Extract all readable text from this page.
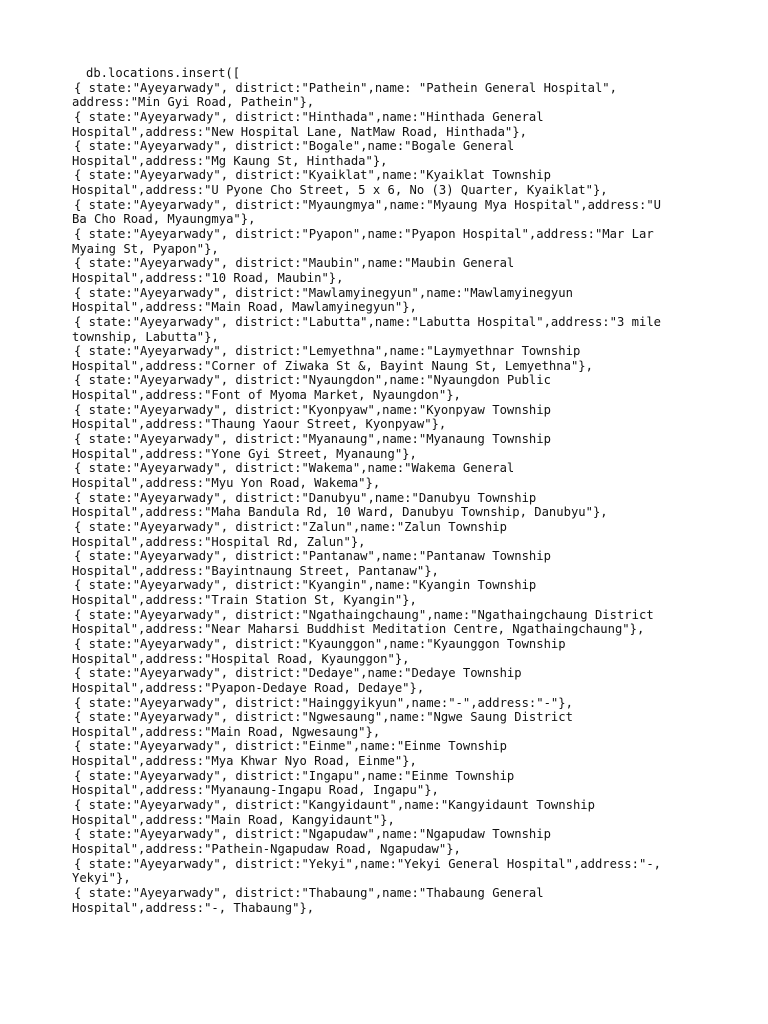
db.locations.insert([
{ state:"Ayeyarwady", district:"Pathein",name: "Pathein General Hospital",
address:"Min Gyi Road, Pathein"},
{ state:"Ayeyarwady", district:"Hinthada",name:"Hinthada General
Hospital",address:"New Hospital Lane, NatMaw Road, Hinthada"},
{ state:"Ayeyarwady", district:"Bogale",name:"Bogale General
Hospital",address:"Mg Kaung St, Hinthada"},
{ state:"Ayeyarwady", district:"Kyaiklat",name:"Kyaiklat Township
Hospital",address:"U Pyone Cho Street, 5 x 6, No (3) Quarter, Kyaiklat"},
{ state:"Ayeyarwady", district:"Myaungmya",name:"Myaung Mya Hospital",address:"U
Ba Cho Road, Myaungmya"},
{ state:"Ayeyarwady", district:"Pyapon",name:"Pyapon Hospital",address:"Mar Lar
Myaing St, Pyapon"},
{ state:"Ayeyarwady", district:"Maubin",name:"Maubin General
Hospital",address:"10 Road, Maubin"},
{ state:"Ayeyarwady", district:"Mawlamyinegyun",name:"Mawlamyinegyun
Hospital",address:"Main Road, Mawlamyinegyun"},
{ state:"Ayeyarwady", district:"Labutta",name:"Labutta Hospital",address:"3 mile
township, Labutta"},
{ state:"Ayeyarwady", district:"Lemyethna",name:"Laymyethnar Township
Hospital",address:"Corner of Ziwaka St &, Bayint Naung St, Lemyethna"},
{ state:"Ayeyarwady", district:"Nyaungdon",name:"Nyaungdon Public
Hospital",address:"Font of Myoma Market, Nyaungdon"},
{ state:"Ayeyarwady", district:"Kyonpyaw",name:"Kyonpyaw Township
Hospital",address:"Thaung Yaour Street, Kyonpyaw"},
{ state:"Ayeyarwady", district:"Myanaung",name:"Myanaung Township
Hospital",address:"Yone Gyi Street, Myanaung"},
{ state:"Ayeyarwady", district:"Wakema",name:"Wakema General
Hospital",address:"Myu Yon Road, Wakema"},
{ state:"Ayeyarwady", district:"Danubyu",name:"Danubyu Township
Hospital",address:"Maha Bandula Rd, 10 Ward, Danubyu Township, Danubyu"},
{ state:"Ayeyarwady", district:"Zalun",name:"Zalun Township
Hospital",address:"Hospital Rd, Zalun"},
{ state:"Ayeyarwady", district:"Pantanaw",name:"Pantanaw Township
Hospital",address:"Bayintnaung Street, Pantanaw"},
{ state:"Ayeyarwady", district:"Kyangin",name:"Kyangin Township
Hospital",address:"Train Station St, Kyangin"},
{ state:"Ayeyarwady", district:"Ngathaingchaung",name:"Ngathaingchaung District
Hospital",address:"Near Maharsi Buddhist Meditation Centre, Ngathaingchaung"},
{ state:"Ayeyarwady", district:"Kyaunggon",name:"Kyaunggon Township
Hospital",address:"Hospital Road, Kyaunggon"},
{ state:"Ayeyarwady", district:"Dedaye",name:"Dedaye Township
Hospital",address:"Pyapon-Dedaye Road, Dedaye"},
{ state:"Ayeyarwady", district:"Hainggyikyun",name:"-",address:"-"},
{ state:"Ayeyarwady", district:"Ngwesaung",name:"Ngwe Saung District
Hospital",address:"Main Road, Ngwesaung"},
{ state:"Ayeyarwady", district:"Einme",name:"Einme Township
Hospital",address:"Mya Khwar Nyo Road, Einme"},
{ state:"Ayeyarwady", district:"Ingapu",name:"Einme Township
Hospital",address:"Myanaung-Ingapu Road, Ingapu"},
{ state:"Ayeyarwady", district:"Kangyidaunt",name:"Kangyidaunt Township
Hospital",address:"Main Road, Kangyidaunt"},
{ state:"Ayeyarwady", district:"Ngapudaw",name:"Ngapudaw Township
Hospital",address:"Pathein-Ngapudaw Road, Ngapudaw"},
{ state:"Ayeyarwady", district:"Yekyi",name:"Yekyi General Hospital",address:"-,
Yekyi"},
{ state:"Ayeyarwady", district:"Thabaung",name:"Thabaung General
Hospital",address:"-, Thabaung"},
